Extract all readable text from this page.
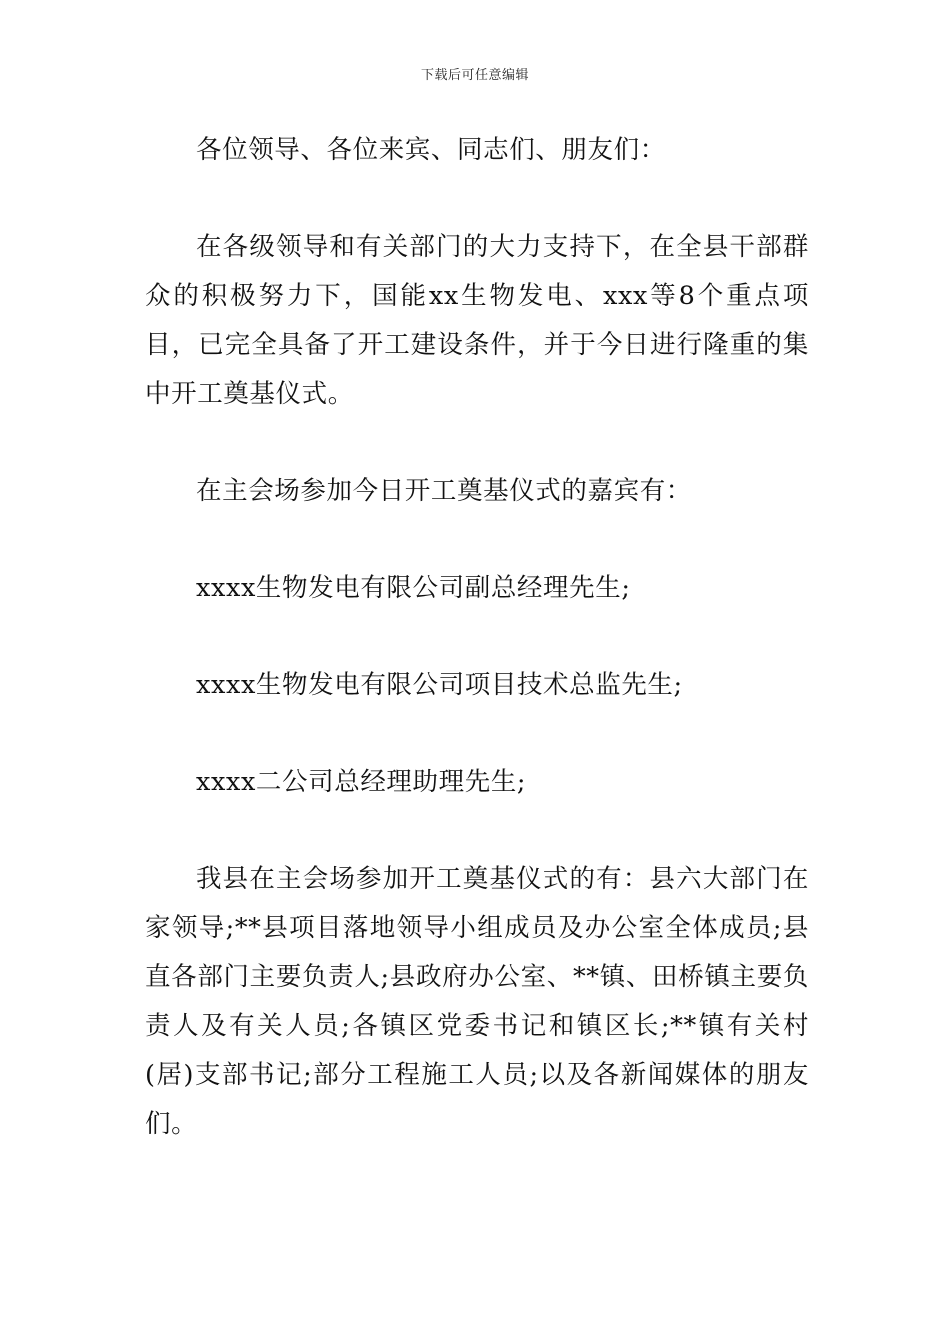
下载后可任意编辑

各位领导、各位来宾、同志们、朋友们：

在各级领导和有关部门的大力支持下，在全县干部群众的积极努力下，国能xx生物发电、xxx等8个重点项目，已完全具备了开工建设条件，并于今日进行隆重的集中开工奠基仪式。

在主会场参加今日开工奠基仪式的嘉宾有：

xxxx生物发电有限公司副总经理先生;

xxxx生物发电有限公司项目技术总监先生;

xxxx二公司总经理助理先生;

我县在主会场参加开工奠基仪式的有：县六大部门在家领导;**县项目落地领导小组成员及办公室全体成员;县直各部门主要负责人;县政府办公室、**镇、田桥镇主要负责人及有关人员;各镇区党委书记和镇区长;**镇有关村(居)支部书记;部分工程施工人员;以及各新闻媒体的朋友们。
